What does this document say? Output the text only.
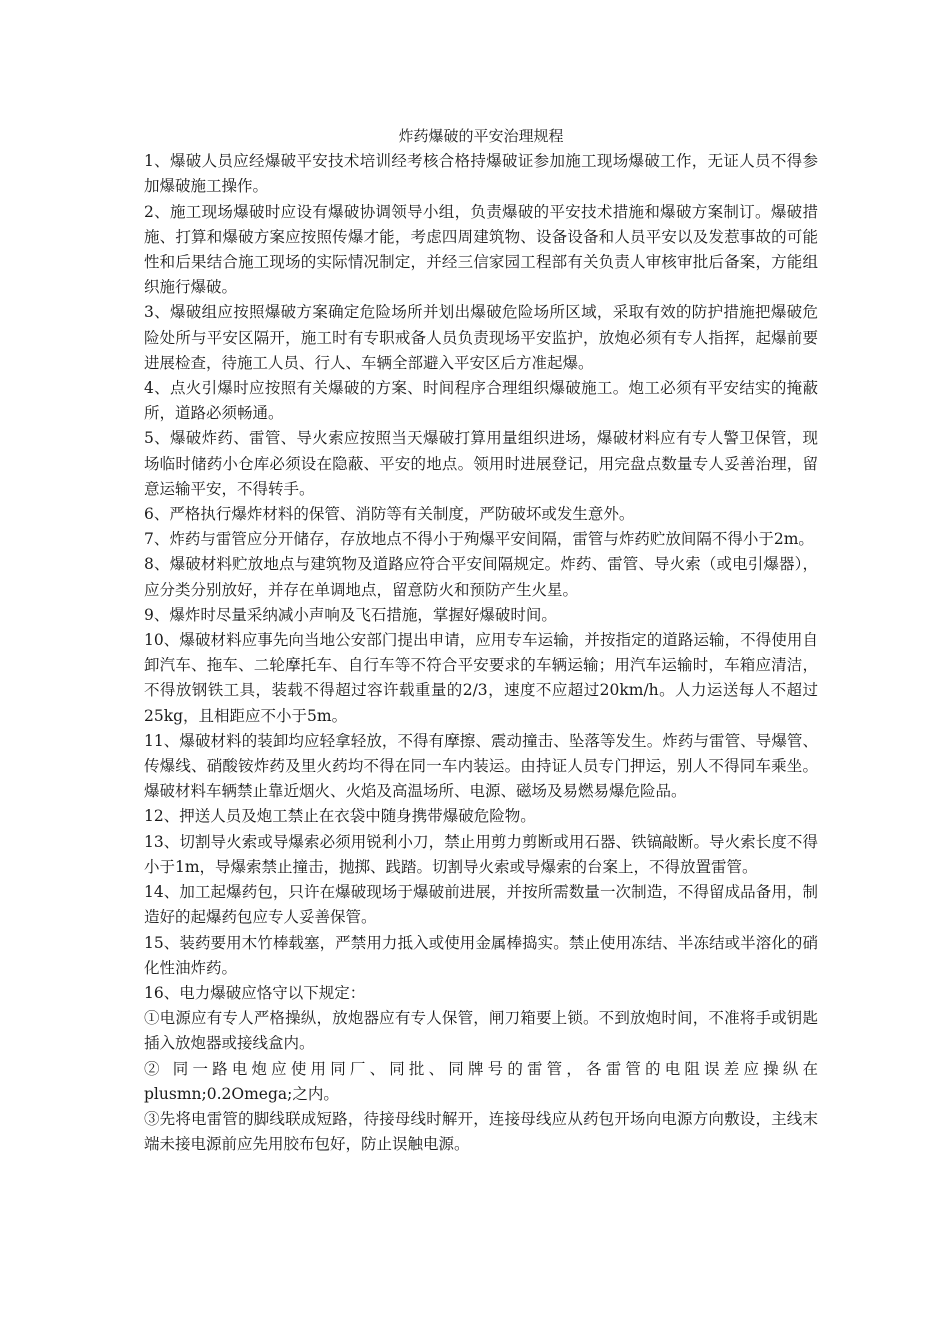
炸药爆破的平安治理规程

1、爆破人员应经爆破平安技术培训经考核合格持爆破证参加施工现场爆破工作，无证人员不得参加爆破施工操作。

2、施工现场爆破时应设有爆破协调领导小组，负责爆破的平安技术措施和爆破方案制订。爆破措施、打算和爆破方案应按照传爆才能，考虑四周建筑物、设备设备和人员平安以及发惹事故的可能性和后果结合施工现场的实际情况制定，并经三信家园工程部有关负责人审核审批后备案，方能组织施行爆破。

3、爆破组应按照爆破方案确定危险场所并划出爆破危险场所区域，采取有效的防护措施把爆破危险处所与平安区隔开，施工时有专职戒备人员负责现场平安监护，放炮必须有专人指挥，起爆前要进展检查，待施工人员、行人、车辆全部避入平安区后方准起爆。

4、点火引爆时应按照有关爆破的方案、时间程序合理组织爆破施工。炮工必须有平安结实的掩蔽所，道路必须畅通。

5、爆破炸药、雷管、导火索应按照当天爆破打算用量组织进场，爆破材料应有专人警卫保管，现场临时储药小仓库必须设在隐蔽、平安的地点。领用时进展登记，用完盘点数量专人妥善治理，留意运输平安，不得转手。

6、严格执行爆炸材料的保管、消防等有关制度，严防破坏或发生意外。

7、炸药与雷管应分开储存，存放地点不得小于殉爆平安间隔，雷管与炸药贮放间隔不得小于2m。

8、爆破材料贮放地点与建筑物及道路应符合平安间隔规定。炸药、雷管、导火索（或电引爆器），应分类分别放好，并存在单调地点，留意防火和预防产生火星。

9、爆炸时尽量采纳减小声响及飞石措施，掌握好爆破时间。

10、爆破材料应事先向当地公安部门提出申请，应用专车运输，并按指定的道路运输，不得使用自卸汽车、拖车、二轮摩托车、自行车等不符合平安要求的车辆运输；用汽车运输时，车箱应清洁，不得放钢铁工具，装载不得超过容许载重量的2/3，速度不应超过20km/h。人力运送每人不超过25kg，且相距应不小于5m。

11、爆破材料的装卸均应轻拿轻放，不得有摩擦、震动撞击、坠落等发生。炸药与雷管、导爆管、传爆线、硝酸铵炸药及里火药均不得在同一车内装运。由持证人员专门押运，别人不得同车乘坐。爆破材料车辆禁止靠近烟火、火焰及高温场所、电源、磁场及易燃易爆危险品。

12、押送人员及炮工禁止在衣袋中随身携带爆破危险物。

13、切割导火索或导爆索必须用锐利小刀，禁止用剪力剪断或用石器、铁镐敲断。导火索长度不得小于1m，导爆索禁止撞击，抛掷、践踏。切割导火索或导爆索的台案上，不得放置雷管。

14、加工起爆药包，只许在爆破现场于爆破前进展，并按所需数量一次制造，不得留成品备用，制造好的起爆药包应专人妥善保管。

15、装药要用木竹棒载塞，严禁用力抵入或使用金属棒捣实。禁止使用冻结、半冻结或半溶化的硝化性油炸药。

16、电力爆破应恪守以下规定：

①电源应有专人严格操纵，放炮器应有专人保管，闸刀箱要上锁。不到放炮时间，不准将手或钥匙插入放炮器或接线盒内。

② 同一路电炮应使用同厂、同批、同牌号的雷管，各雷管的电阻误差应操纵在plusmn;0.2Omega;之内。

③先将电雷管的脚线联成短路，待接母线时解开，连接母线应从药包开场向电源方向敷设，主线末端未接电源前应先用胶布包好，防止误触电源。
